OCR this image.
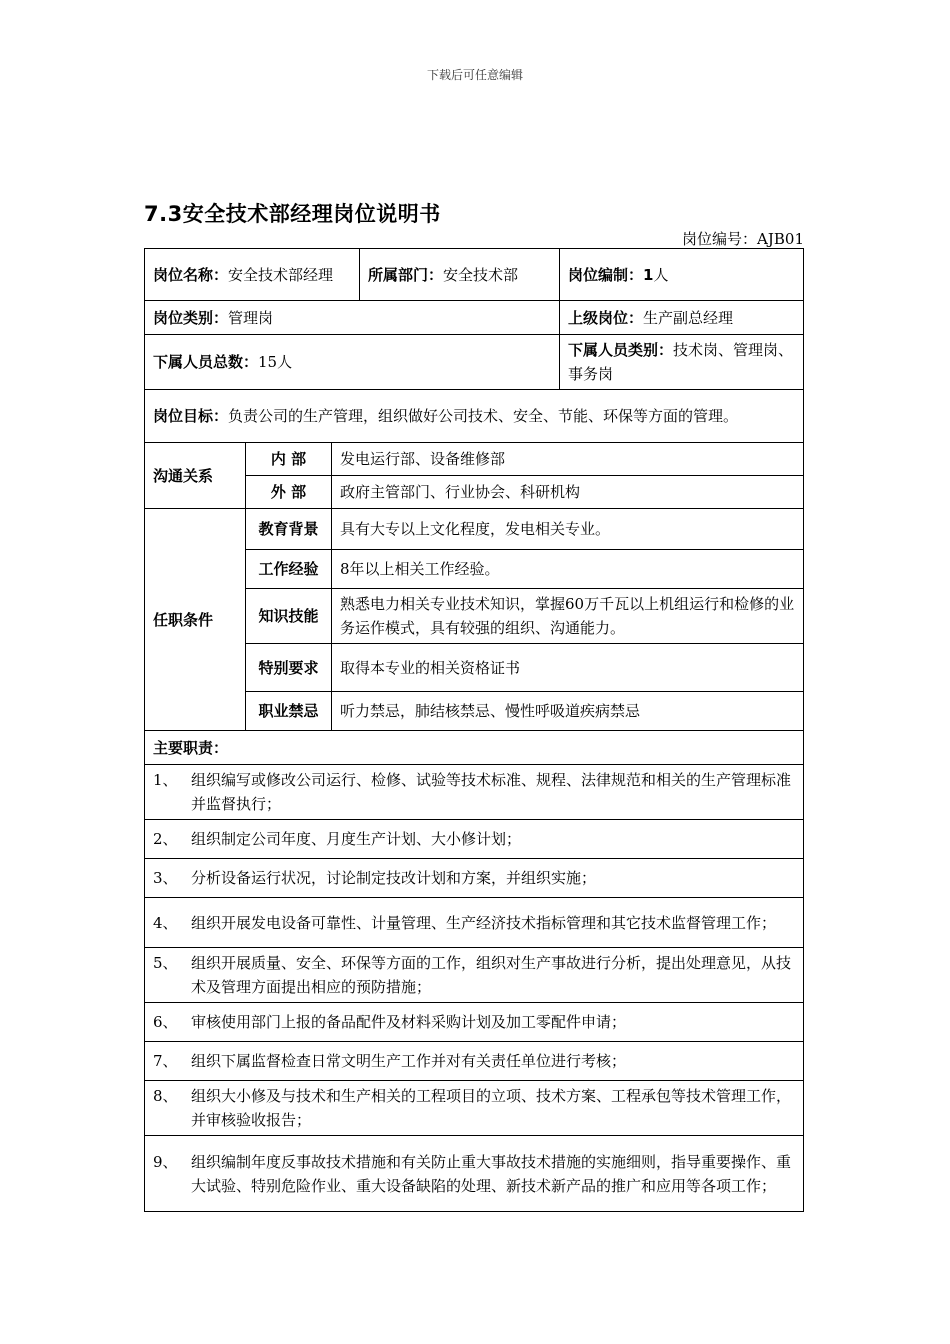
下载后可任意编辑
7.3安全技术部经理岗位说明书
岗位编号：AJB01
岗位名称：安全技术部经理			所属部门：安全技术部	岗位编制：1人
岗位类别：管理岗				上级岗位：生产副总经理
下属人员总数：15人				下属人员类别：技术岗、管理岗、事务岗

岗位目标： 负责公司的生产管理，组织做好公司技术、安全、节能、环保等方面的管理。				

沟通关系	内 部	发电运行部、设备维修部		
	外 部	政府主管部门、行业协会、科研机构		
任职条件	教育背景	具有大专以上文化程度，发电相关专业。		
	工作经验	8年以上相关工作经验。		
	知识技能	熟悉电力相关专业技术知识，掌握60万千瓦以上机组运行和检修的业务运作模式，具有较强的组织、沟通能力。		
	特别要求	取得本专业的相关资格证书		
	职业禁忌	听力禁忌，肺结核禁忌、慢性呼吸道疾病禁忌		
主要职责：				

1、 组织编写或修改公司运行、检修、试验等技术标准、规程、法律规范和相关的生产管理标准并监督执行；				

2、 组织制定公司年度、月度生产计划、大小修计划；				

3、 分析设备运行状况，讨论制定技改计划和方案，并组织实施；				

4、 组织开展发电设备可靠性、计量管理、生产经济技术指标管理和其它技术监督管理工作；				

5、 组织开展质量、安全、环保等方面的工作，组织对生产事故进行分析，提出处理意见，从技术及管理方面提出相应的预防措施；				

6、 审核使用部门上报的备品配件及材料采购计划及加工零配件申请；				

7、 组织下属监督检查日常文明生产工作并对有关责任单位进行考核；				

8、 组织大小修及与技术和生产相关的工程项目的立项、技术方案、工程承包等技术管理工作，并审核验收报告；				

9、 组织编制年度反事故技术措施和有关防止重大事故技术措施的实施细则，指导重要操作、重大试验、特别危险作业、重大设备缺陷的处理、新技术新产品的推广和应用等各项工作；				
